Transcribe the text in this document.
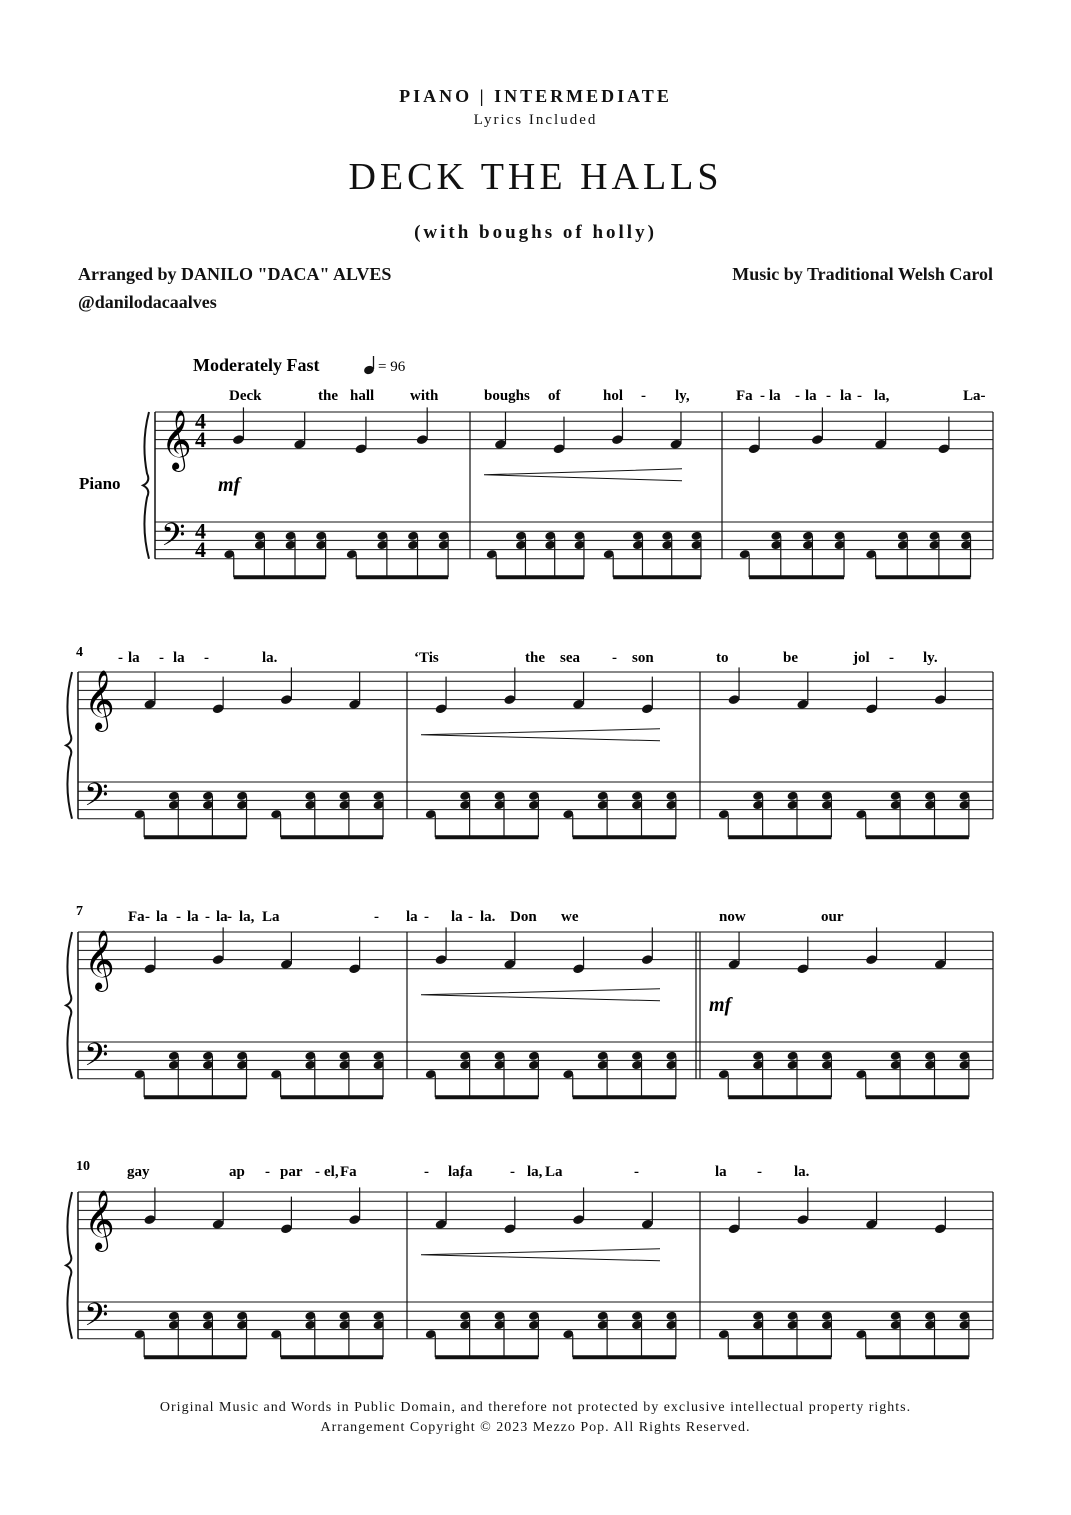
PIANO | INTERMEDIATE
Lyrics Included
DECK THE HALLS
(with boughs of holly)
Arranged by DANILO "DACA" ALVES
@danilodacaalves
Music by Traditional Welsh Carol
𝄞
𝄢
4
4
4
4
Deck	the hall with	boughs of	hol - ly,	Fa - la - la - la - la,	La-
𝄞
𝄢
4 - la - la -	la.	‘Tis	the sea - son	to	be	jol - ly.
𝄞
𝄢
7	Fa - la - la - la - la, La	- la - la - la. Don we	now	our
𝄞
𝄢
10 gay	ap - par - el, Fa	- la,
fa	- la, La	-	la - la.
mf
mf
Moderately Fast	= 96
Piano
Original Music and Words in Public Domain, and therefore not protected by exclusive intellectual property rights.
Arrangement Copyright © 2023 Mezzo Pop. All Rights Reserved.
